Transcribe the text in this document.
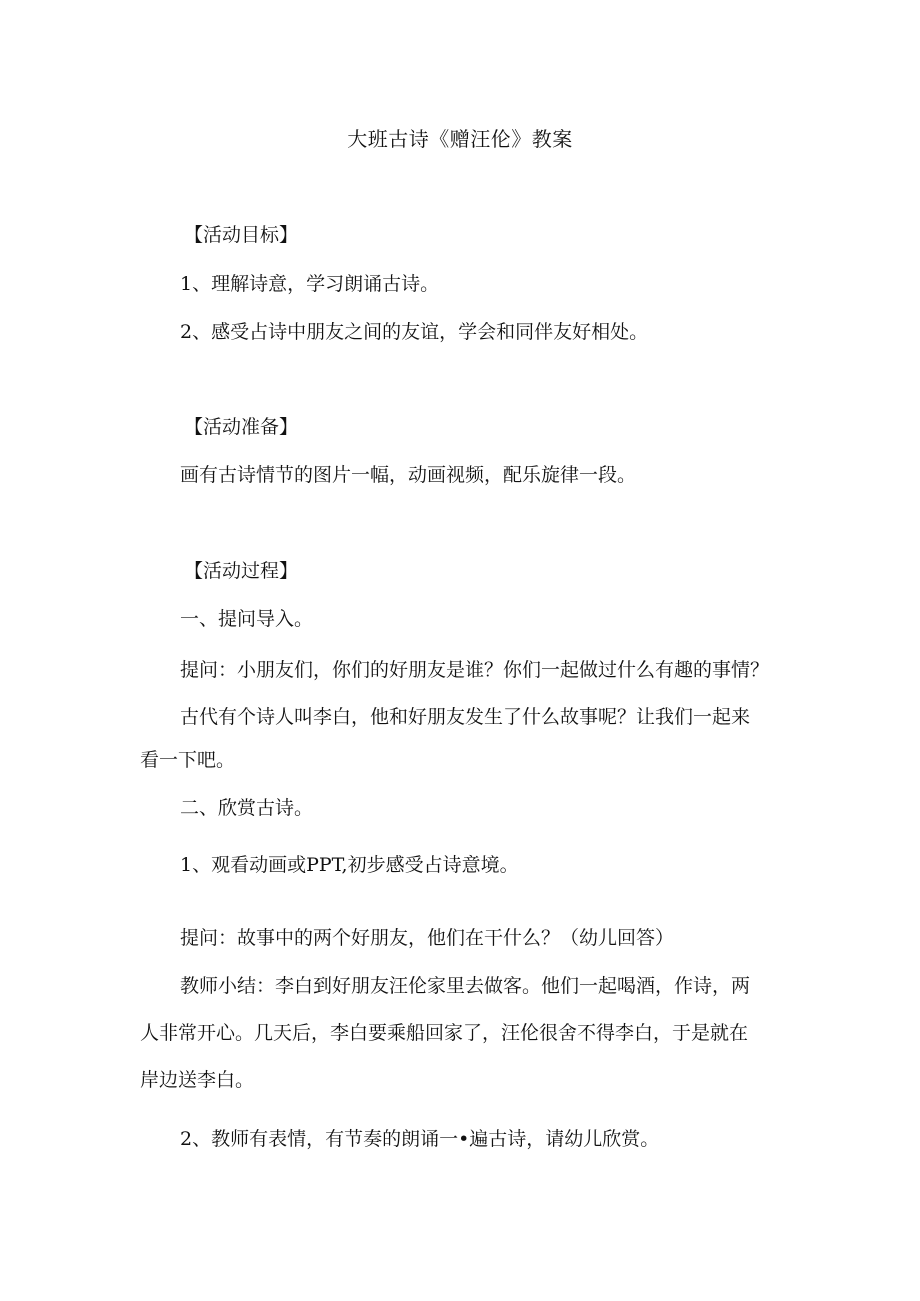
大班古诗《赠汪伦》教案
【活动目标】
1、理解诗意，学习朗诵古诗。
2、感受占诗中朋友之间的友谊，学会和同伴友好相处。
【活动准备】
画有古诗情节的图片一幅，动画视频，配乐旋律一段。
【活动过程】
一、提问导入。
提问：小朋友们，你们的好朋友是谁？你们一起做过什么有趣的事情？
古代有个诗人叫李白，他和好朋友发生了什么故事呢？让我们一起来
看一下吧。
二、欣赏古诗。
1、观看动画或PPT,初步感受占诗意境。
提问：故事中的两个好朋友，他们在干什么？（幼儿回答）
教师小结：李白到好朋友汪伦家里去做客。他们一起喝酒，作诗，两
人非常开心。几天后，李白要乘船回家了，汪伦很舍不得李白，于是就在
岸边送李白。
2、教师有表情，有节奏的朗诵一•遍古诗，请幼儿欣赏。
